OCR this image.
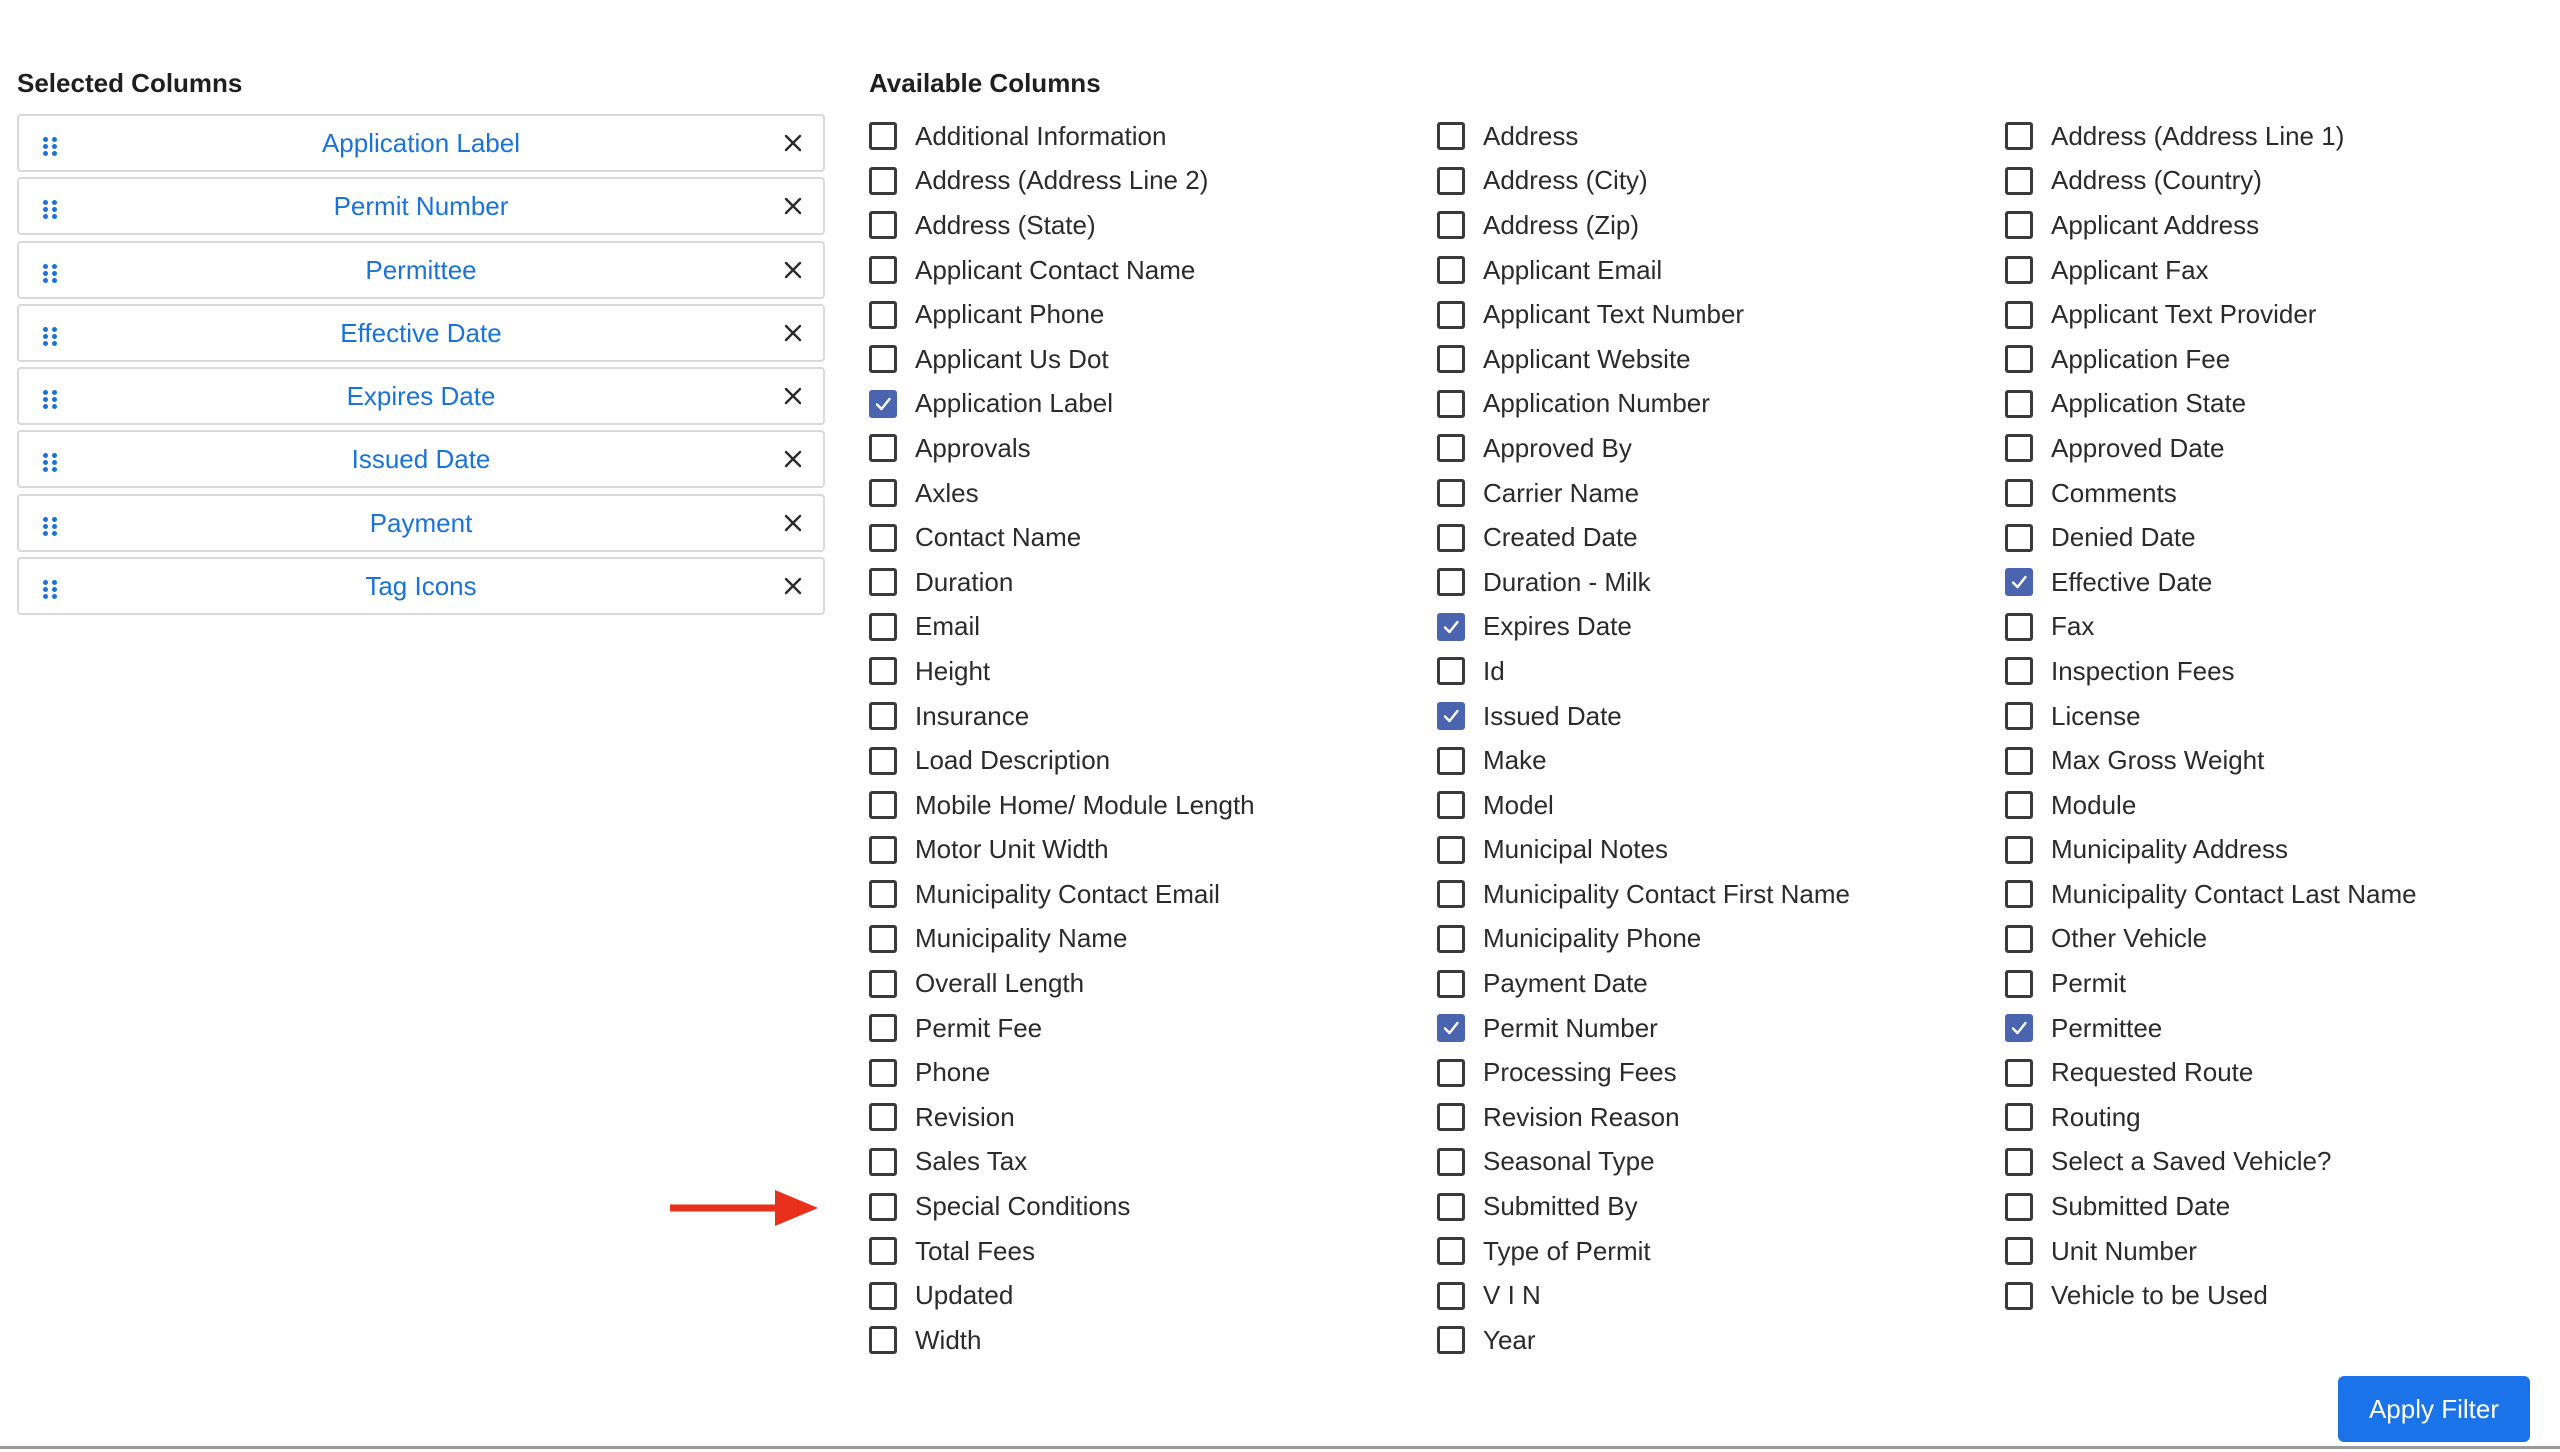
Selected Columns
Application Label
Permit Number
Permittee
Effective Date
Expires Date
Issued Date
Payment
Tag Icons
Available Columns
Additional Information
Address (Address Line 2)
Address (State)
Applicant Contact Name
Applicant Phone
Applicant Us Dot
Application Label
Approvals
Axles
Contact Name
Duration
Email
Height
Insurance
Load Description
Mobile Home/ Module Length
Motor Unit Width
Municipality Contact Email
Municipality Name
Overall Length
Permit Fee
Phone
Revision
Sales Tax
Special Conditions
Total Fees
Updated
Width
Address
Address (City)
Address (Zip)
Applicant Email
Applicant Text Number
Applicant Website
Application Number
Approved By
Carrier Name
Created Date
Duration - Milk
Expires Date
Id
Issued Date
Make
Model
Municipal Notes
Municipality Contact First Name
Municipality Phone
Payment Date
Permit Number
Processing Fees
Revision Reason
Seasonal Type
Submitted By
Type of Permit
V I N
Year
Address (Address Line 1)
Address (Country)
Applicant Address
Applicant Fax
Applicant Text Provider
Application Fee
Application State
Approved Date
Comments
Denied Date
Effective Date
Fax
Inspection Fees
License
Max Gross Weight
Module
Municipality Address
Municipality Contact Last Name
Other Vehicle
Permit
Permittee
Requested Route
Routing
Select a Saved Vehicle?
Submitted Date
Unit Number
Vehicle to be Used
Apply Filter
